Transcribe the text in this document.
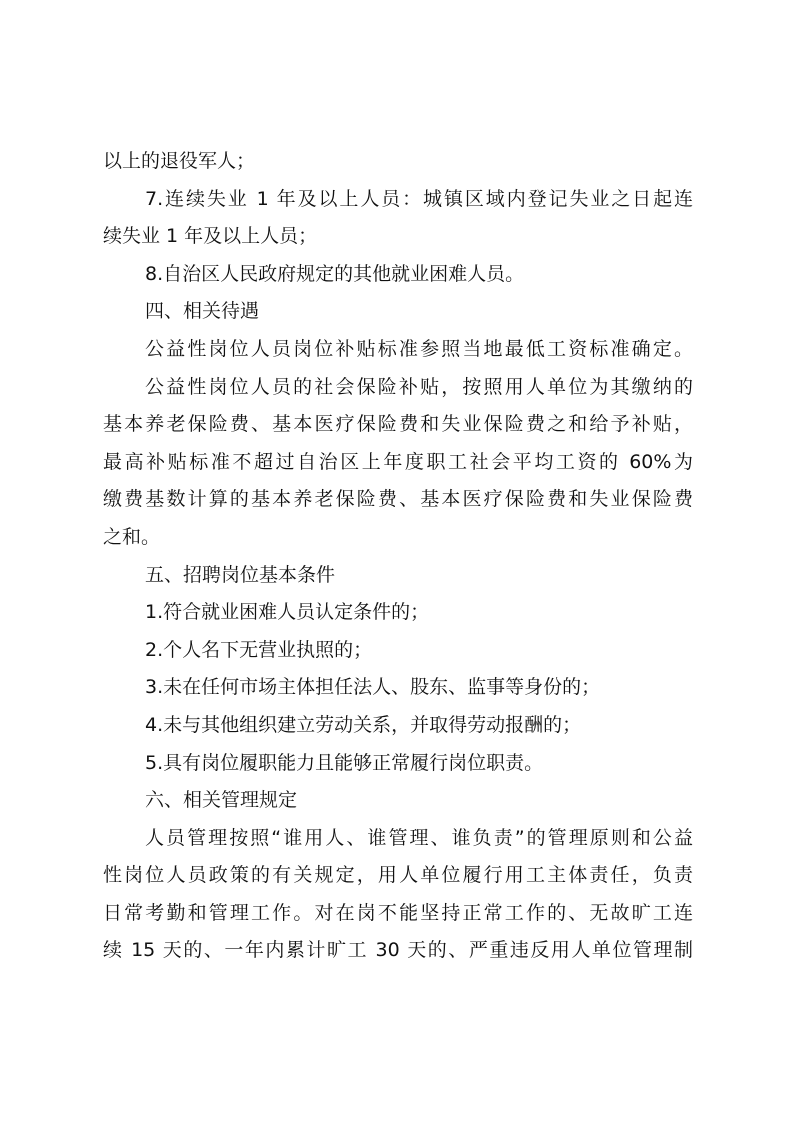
以上的退役军人；
7.连续失业 1 年及以上人员：城镇区域内登记失业之日起连
续失业 1 年及以上人员；
8.自治区人民政府规定的其他就业困难人员。
四、相关待遇
公益性岗位人员岗位补贴标准参照当地最低工资标准确定。
公益性岗位人员的社会保险补贴，按照用人单位为其缴纳的
基本养老保险费、基本医疗保险费和失业保险费之和给予补贴，
最高补贴标准不超过自治区上年度职工社会平均工资的 60%为
缴费基数计算的基本养老保险费、基本医疗保险费和失业保险费
之和。
五、招聘岗位基本条件
1.符合就业困难人员认定条件的；
2.个人名下无营业执照的；
3.未在任何市场主体担任法人、股东、监事等身份的；
4.未与其他组织建立劳动关系，并取得劳动报酬的；
5.具有岗位履职能力且能够正常履行岗位职责。
六、相关管理规定
人员管理按照“谁用人、谁管理、谁负责”的管理原则和公益
性岗位人员政策的有关规定，用人单位履行用工主体责任，负责
日常考勤和管理工作。对在岗不能坚持正常工作的、无故旷工连
续 15 天的、一年内累计旷工 30 天的、严重违反用人单位管理制
